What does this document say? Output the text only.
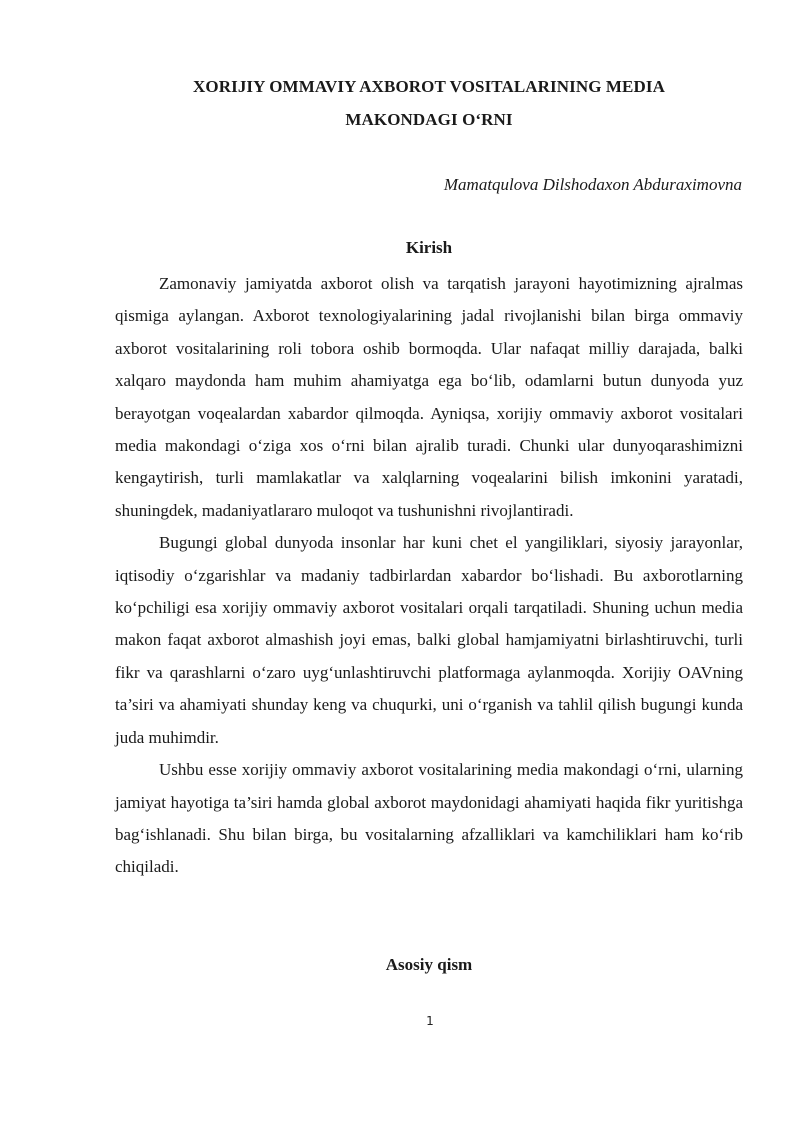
XORIJIY OMMAVIY AXBOROT VOSITALARINING MEDIA
MAKONDAGI O‘RNI

Mamatqulova Dilshodaxon Abduraximovna

Kirish

Zamonaviy jamiyatda axborot olish va tarqatish jarayoni hayotimizning ajralmas qismiga aylangan. Axborot texnologiyalarining jadal rivojlanishi bilan birga ommaviy axborot vositalarining roli tobora oshib bormoqda. Ular nafaqat milliy darajada, balki xalqaro maydonda ham muhim ahamiyatga ega bo‘lib, odamlarni butun dunyoda yuz berayotgan voqealardan xabardor qilmoqda. Ayniqsa, xorijiy ommaviy axborot vositalari media makondagi o‘ziga xos o‘rni bilan ajralib turadi. Chunki ular dunyoqarashimizni kengaytirish, turli mamlakatlar va xalqlarning voqealarini bilish imkonini yaratadi, shuningdek, madaniyatlararo muloqot va tushunishni rivojlantiradi.

Bugungi global dunyoda insonlar har kuni chet el yangiliklari, siyosiy jarayonlar, iqtisodiy o‘zgarishlar va madaniy tadbirlardan xabardor bo‘lishadi. Bu axborotlarning ko‘pchiligi esa xorijiy ommaviy axborot vositalari orqali tarqatiladi. Shuning uchun media makon faqat axborot almashish joyi emas, balki global hamjamiyatni birlashtiruvchi, turli fikr va qarashlarni o‘zaro uyg‘unlashtiruvchi platformaga aylanmoqda. Xorijiy OAVning ta’siri va ahamiyati shunday keng va chuqurki, uni o‘rganish va tahlil qilish bugungi kunda juda muhimdir.

Ushbu esse xorijiy ommaviy axborot vositalarining media makondagi o‘rni, ularning jamiyat hayotiga ta’siri hamda global axborot maydonidagi ahamiyati haqida fikr yuritishga bag‘ishlanadi. Shu bilan birga, bu vositalarning afzalliklari va kamchiliklari ham ko‘rib chiqiladi.

Asosiy qism

1
